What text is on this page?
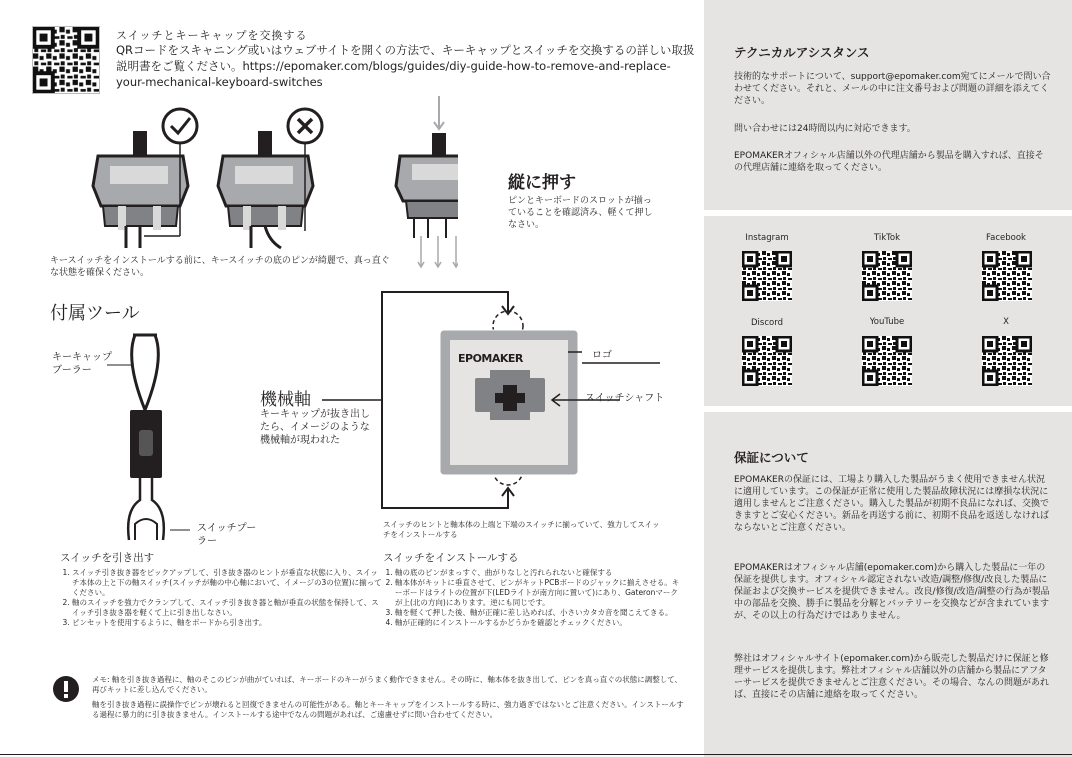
スイッチとキーキャップを交換する
QRコードをスキャニング或いはウェブサイトを開くの方法で、キーキャップとスイッチを交換するの詳しい取扱説明書をご覧ください。https://epomaker.com/blogs/guides/diy-guide-how-to-remove-and-replace-your-mechanical-keyboard-switches
キースイッチをインストールする前に、キースイッチの底のピンが綺麗で、真っ直ぐな状態を確保ください。
縦に押す
ピンとキーボードのスロットが揃っていることを確認済み、軽くて押しなさい。
付属ツール
キーキャップブーラー
スイッチプーラー
機械軸
キーキャップが抜き出したら、イメージのような機械軸が現われた
EPOMAKER	ロゴ
スイッチシャフト
スイッチのヒントと軸本体の上端と下端のスイッチに揃っていて、強力してスイッチをインストールする
スイッチを引き出す
1. スイッチ引き抜き器をピックアップして、引き抜き器のヒントが垂直な状態に入り、スイッチ本体の上と下の軸スイッチ(スイッチが軸の中心軸において、イメージの3の位置)に揃ってください。
2. 軸のスイッチを強力でクランプして、スイッチ引き抜き器と軸が垂直の状態を保持して、スイッチ引き抜き器を軽くて上に引き出しなさい。
3. ピンセットを使用するように、軸をボードから引き出す。
スイッチをインストールする
1. 軸の底のピンがまっすぐ、曲がりなしと汚れられないと確保する
2. 軸本体がキットに垂直させて、ピンがキットPCBボードのジャックに揃えさせる。キーボードはライトの位置が下(LEDライトが南方向に置いて)にあり、Gateronマークが上(北の方向)にあります。逆にも同じです。
3. 軸を軽くて押した後、軸が正確に差し込めれば、小さいカタカ音を聞こえてきる。
4. 軸が正確的にインストールするかどうかを確認とチェックください。
メモ: 軸を引き抜き過程に、軸のそこのピンが曲がていれば、キーボードのキーがうまく動作できません。その時に、軸本体を抜き出して、ピンを真っ直ぐの状態に調整して、再びキットに差し込んでください。
軸を引き抜き過程に誤操作でピンが壊れると回復できませんの可能性がある。軸とキーキャップをインストールする時に、強力過ぎではないとご注意ください。インストールする過程に暴力的に引き抜きません。インストールする途中でなんの問題があれば、ご遠慮せずに問い合わせてください。
テクニカルアシスタンス
技術的なサポートについて、support@epomaker.com宛てにメールで問い合わせてください。それと、メールの中に注文番号および問題の詳細を添えてください。
問い合わせには24時間以内に対応できます。
EPOMAKERオフィシャル店舗以外の代理店舗から製品を購入すれば、直接その代理店舗に連絡を取ってください。
Instagram	TikTok	Facebook
Discord	YouTube	X
保証について
EPOMAKERの保証には、工場より購入した製品がうまく使用できません状況に適用しています。この保証が正常に使用した製品故障状況には摩損な状況に適用しませんとご注意ください。購入した製品が初期不良品になれば、交換できますとご安心ください。新品を再送する前に、初期不良品を返送しなければならないとご注意ください。
EPOMAKERはオフィシャル店舗(epomaker.com)から購入した製品に一年の保証を提供します。オフィシャル認定されない改造/調整/修復/改良した製品に保証および交換サービスを提供できません。改良/修復/改造/調整の行為が製品中の部品を交換、勝手に製品を分解とバッテリーを交換などが含まれていますが、その以上の行為だけではありません。
弊社はオフィシャルサイト(epomaker.com)から販売した製品だけに保証と修理サービスを提供します。弊社オフィシャル店舗以外の店舗から製品にアフターサービスを提供できませんとご注意ください。その場合、なんの問題があれば、直接にその店舗に連絡を取ってください。
